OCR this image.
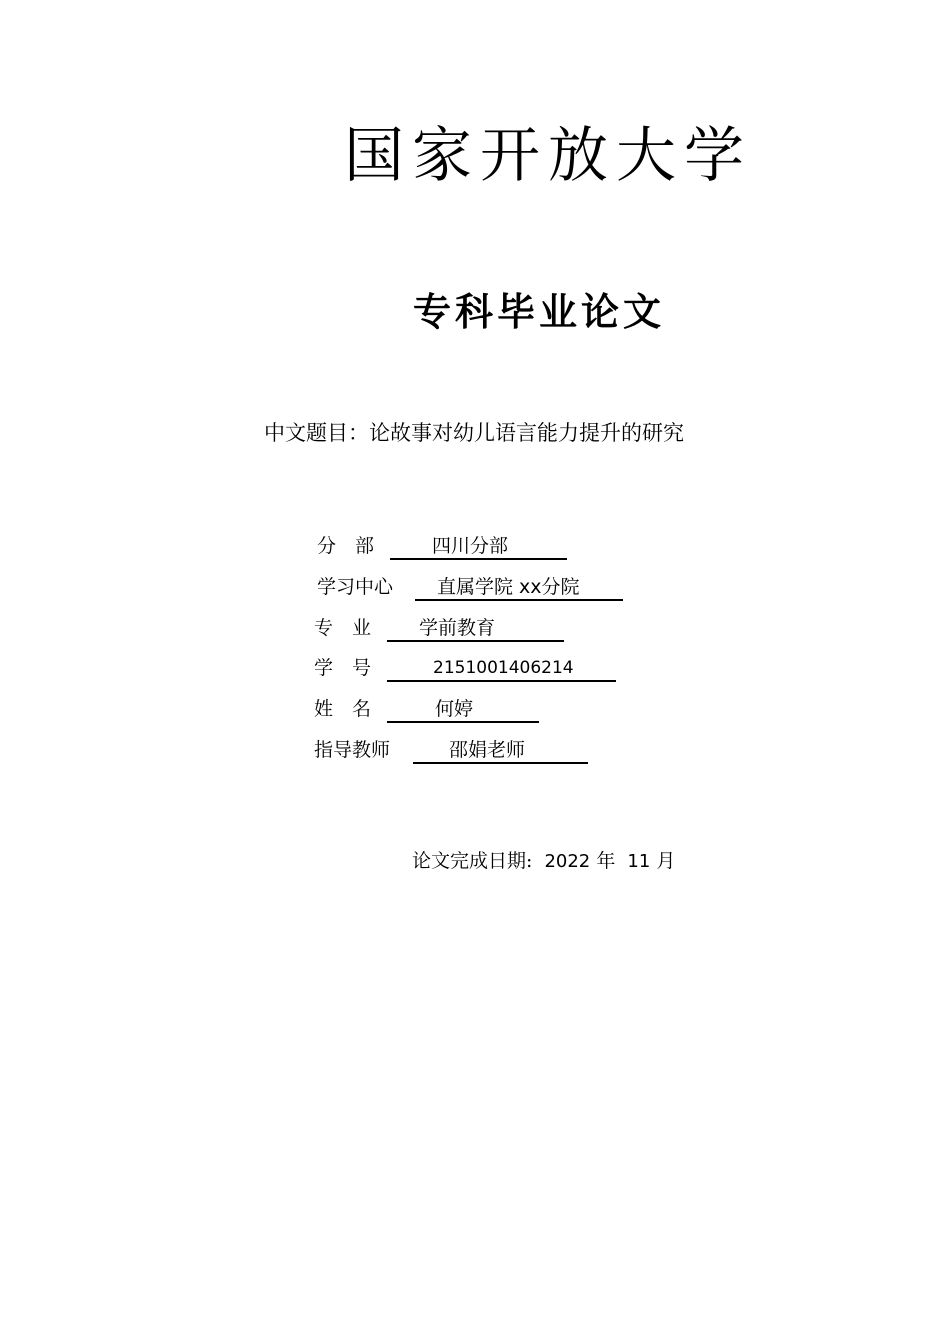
国家开放大学
专科毕业论文
中文题目：论故事对幼儿语言能力提升的研究
分　部	四川分部
学习中心 直属学院 xx分院
专　业	学前教育
学　号	2151001406214
姓　名	何婷
指导教师	邵娟老师
论文完成日期: 2022 年 11 月
